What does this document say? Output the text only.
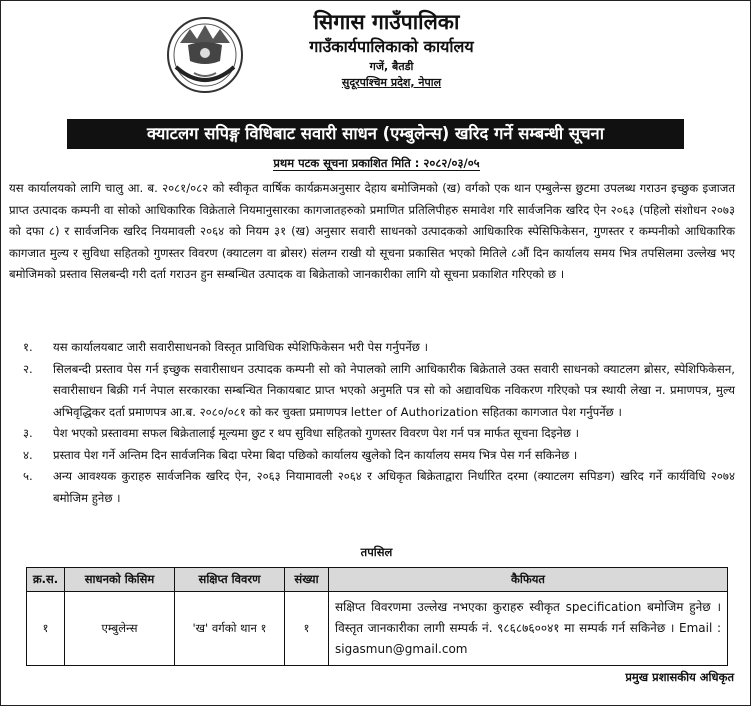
सिगास गाउँपालिका
गाउँकार्यपालिकाको कार्यालय
गजें, बैतडी
सुदूरपश्चिम प्रदेश, नेपाल
क्याटलग सपिङ्ग विधिबाट सवारी साधन (एम्बुलेन्स) खरिद गर्ने सम्बन्धी सूचना
प्रथम पटक सूचना प्रकाशित मिति : २०८२/०३/०५
यस कार्यालयको लागि चालु आ. ब. २०८१/०८२ को स्वीकृत वार्षिक कार्यक्रमअनुसार देहाय बमोजिमको (ख) वर्गको एक थान एम्बुलेन्स छुटमा उपलब्ध गराउन इच्छुक इजाजत प्राप्त उत्पादक कम्पनी वा सोको आधिकारिक विक्रेताले नियमानुसारका कागजातहरुको प्रमाणित प्रतिलिपीहरु समावेश गरि सार्वजनिक खरिद ऐन २०६३ (पहिलो संशोधन २०७३ को दफा ८) र सार्वजनिक खरिद नियमावली २०६४ को नियम ३१ (ख) अनुसार सवारी साधनको उत्पादकको आधिकारिक स्पेसिफिकेसन, गुणस्तर र कम्पनीको आधिकारिक कागजात मुल्य र सुविधा सहितको गुणस्तर विवरण (क्याटलग वा ब्रोसर) संलग्न राखी यो सूचना प्रकासित भएको मितिले ८औं दिन कार्यालय समय भित्र तपसिलमा उल्लेख भए बमोजिमको प्रस्ताव सिलबन्दी गरी दर्ता गराउन हुन सम्बन्धित उत्पादक वा बिक्रेताको जानकारीका लागि यो सूचना प्रकाशित गरिएको छ ।
१.	यस कार्यालयबाट जारी सवारीसाधनको विस्तृत प्राविधिक स्पेशिफिकेसन भरी पेस गर्नुपर्नेछ ।
२.	सिलबन्दी प्रस्ताव पेस गर्न इच्छुक सवारीसाधन उत्पादक कम्पनी सो को नेपालको लागि आधिकारीक बिक्रेताले उक्त सवारी साधनको क्याटलग ब्रोसर, स्पेशिफिकेसन, सवारीसाधन बिक्री गर्न नेपाल सरकारका सम्बन्धित निकायबाट प्राप्त भएको अनुमति पत्र सो को अद्यावधिक नविकरण गरिएको पत्र स्थायी लेखा न. प्रमाणपत्र, मुल्य अभिवृद्धिकर दर्ता प्रमाणपत्र आ.ब. २०८०/०८१ को कर चुक्ता प्रमाणपत्र letter of Authorization सहितका कागजात पेश गर्नुपर्नेछ ।
३.	पेश भएको प्रस्तावमा सफल बिक्रेतालाई मूल्यमा छुट र थप सुविधा सहितको गुणस्तर विवरण पेश गर्न पत्र मार्फत सूचना दिइनेछ ।
४.	प्रस्ताव पेश गर्ने अन्तिम दिन सार्वजनिक बिदा परेमा बिदा पछिको कार्यालय खुलेको दिन कार्यालय समय भित्र पेस गर्न सकिनेछ ।
५.	अन्य आवश्यक कुराहरु सार्वजनिक खरिद ऐन, २०६३ नियामावली २०६४ र अधिकृत बिक्रेताद्वारा निर्धारित दरमा (क्याटलग सपिङग) खरिद गर्ने कार्यविधि २०७४ बमोजिम हुनेछ ।
तपसिल
क्र.स.	साधनको किसिम	सक्षिप्त विवरण	संख्या	कैफियत
१	एम्बुलेन्स	'ख' वर्गको थान १	१	सक्षिप्त विवरणमा उल्लेख नभएका कुराहरु स्वीकृत specification बमोजिम हुनेछ । विस्तृत जानकारीका लागी सम्पर्क नं. ९८६८७६००४१ मा सम्पर्क गर्न सकिनेछ । Email : sigasmun@gmail.com
प्रमुख प्रशासकीय अधिकृत
